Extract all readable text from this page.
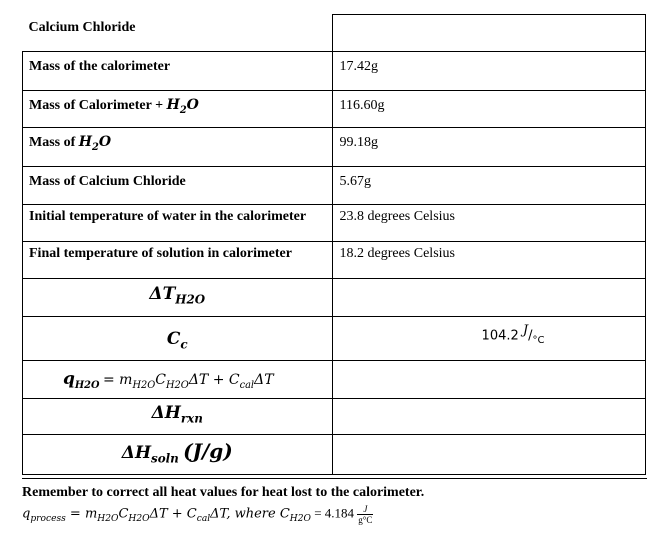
Calcium Chloride	

Mass of the calorimeter	17.42g

Mass of Calorimeter + $H_2O$	116.60g

Mass of $H_2O$	99.18g

Mass of Calcium Chloride	5.67g

Initial temperature of water in the calorimeter	23.8 degrees Celsius

Final temperature of solution in calorimeter	18.2 degrees Celsius

$\Delta T_{H2O}$

$C_c$	104.2 $^J/_{^\circ C}$

$q_{H2O} = m_{H2O}C_{H2O}\Delta T + C_{cal}\Delta T$	

$\Delta H_{rxn}$

$\Delta H_{soln}$ (J/g)	

Remember to correct all heat values for heat lost to the calorimeter.
$q_{process} = m_{H2O}C_{H2O}\Delta T + C_{cal}\Delta T$, where $C_{H2O} = 4.184 \frac{J}{g^\circ C}$
